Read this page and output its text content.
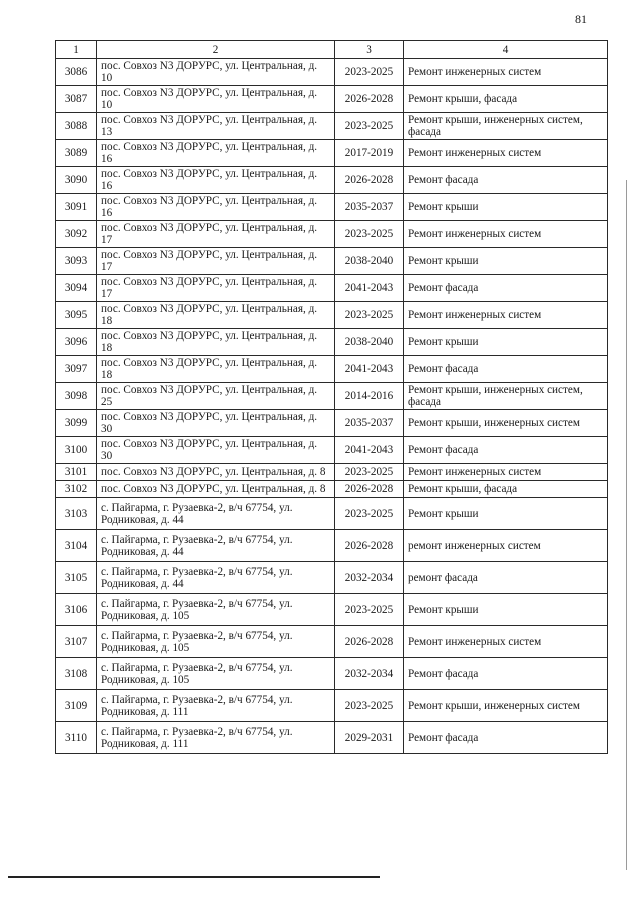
81
1	2	3	4
3086	пос. Совхоз N3 ДОРУРС, ул. Центральная, д. 10	2023-2025	Ремонт инженерных систем
3087	пос. Совхоз N3 ДОРУРС, ул. Центральная, д. 10	2026-2028	Ремонт крыши, фасада
3088	пос. Совхоз N3 ДОРУРС, ул. Центральная, д. 13	2023-2025	Ремонт крыши, инженерных систем, фасада
3089	пос. Совхоз N3 ДОРУРС, ул. Центральная, д. 16	2017-2019	Ремонт инженерных систем
3090	пос. Совхоз N3 ДОРУРС, ул. Центральная, д. 16	2026-2028	Ремонт фасада
3091	пос. Совхоз N3 ДОРУРС, ул. Центральная, д. 16	2035-2037	Ремонт крыши
3092	пос. Совхоз N3 ДОРУРС, ул. Центральная, д. 17	2023-2025	Ремонт инженерных систем
3093	пос. Совхоз N3 ДОРУРС, ул. Центральная, д. 17	2038-2040	Ремонт крыши
3094	пос. Совхоз N3 ДОРУРС, ул. Центральная, д. 17	2041-2043	Ремонт фасада
3095	пос. Совхоз N3 ДОРУРС, ул. Центральная, д. 18	2023-2025	Ремонт инженерных систем
3096	пос. Совхоз N3 ДОРУРС, ул. Центральная, д. 18	2038-2040	Ремонт крыши
3097	пос. Совхоз N3 ДОРУРС, ул. Центральная, д. 18	2041-2043	Ремонт фасада
3098	пос. Совхоз N3 ДОРУРС, ул. Центральная, д. 25	2014-2016	Ремонт крыши, инженерных систем, фасада
3099	пос. Совхоз N3 ДОРУРС, ул. Центральная, д. 30	2035-2037	Ремонт крыши, инженерных систем
3100	пос. Совхоз N3 ДОРУРС, ул. Центральная, д. 30	2041-2043	Ремонт фасада
3101	пос. Совхоз N3 ДОРУРС, ул. Центральная, д. 8	2023-2025	Ремонт инженерных систем
3102	пос. Совхоз N3 ДОРУРС, ул. Центральная, д. 8	2026-2028	Ремонт крыши, фасада
3103	с. Пайгарма, г. Рузаевка-2, в/ч 67754, ул. Родниковая, д. 44	2023-2025	Ремонт крыши
3104	с. Пайгарма, г. Рузаевка-2, в/ч 67754, ул. Родниковая, д. 44	2026-2028	ремонт инженерных систем
3105	с. Пайгарма, г. Рузаевка-2, в/ч 67754, ул. Родниковая, д. 44	2032-2034	ремонт фасада
3106	с. Пайгарма, г. Рузаевка-2, в/ч 67754, ул. Родниковая, д. 105	2023-2025	Ремонт крыши
3107	с. Пайгарма, г. Рузаевка-2, в/ч 67754, ул. Родниковая, д. 105	2026-2028	Ремонт инженерных систем
3108	с. Пайгарма, г. Рузаевка-2, в/ч 67754, ул. Родниковая, д. 105	2032-2034	Ремонт фасада
3109	с. Пайгарма, г. Рузаевка-2, в/ч 67754, ул. Родниковая, д. 111	2023-2025	Ремонт крыши, инженерных систем
3110	с. Пайгарма, г. Рузаевка-2, в/ч 67754, ул. Родниковая, д. 111	2029-2031	Ремонт фасада
